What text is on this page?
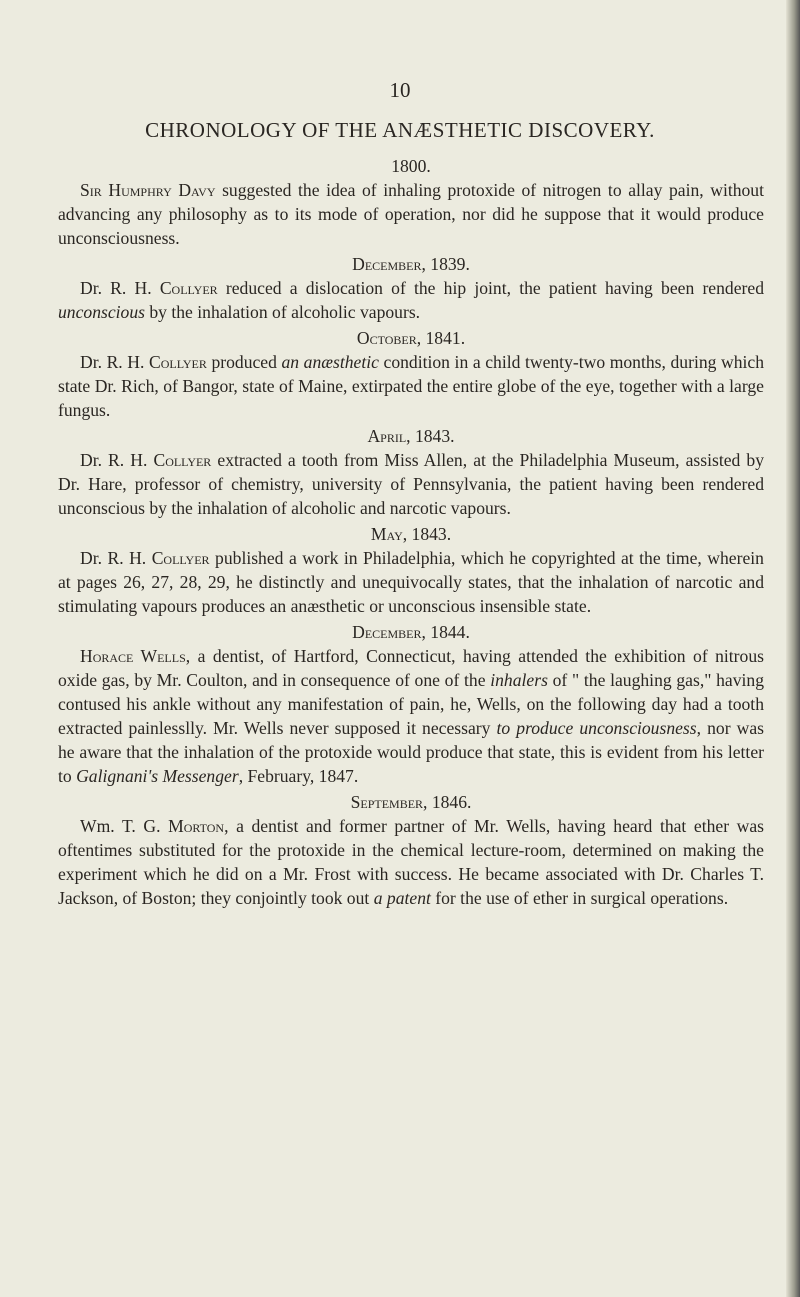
10
CHRONOLOGY OF THE ANÆSTHETIC DISCOVERY.
1800.

Sir Humphry Davy suggested the idea of inhaling protoxide of nitrogen to allay pain, without advancing any philosophy as to its mode of operation, nor did he suppose that it would produce unconsciousness.

December, 1839.

Dr. R. H. Collyer reduced a dislocation of the hip joint, the patient having been rendered unconscious by the inhalation of alcoholic vapours.

October, 1841.

Dr. R. H. Collyer produced an anæsthetic condition in a child twenty-two months, during which state Dr. Rich, of Bangor, state of Maine, extirpated the entire globe of the eye, together with a large fungus.

April, 1843.

Dr. R. H. Collyer extracted a tooth from Miss Allen, at the Philadelphia Museum, assisted by Dr. Hare, professor of chemistry, university of Pennsylvania, the patient having been rendered unconscious by the inhalation of alcoholic and narcotic vapours.

May, 1843.

Dr. R. H. Collyer published a work in Philadelphia, which he copyrighted at the time, wherein at pages 26, 27, 28, 29, he distinctly and unequivocally states, that the inhalation of narcotic and stimulating vapours produces an anæsthetic or unconscious insensible state.

December, 1844.

Horace Wells, a dentist, of Hartford, Connecticut, having attended the exhibition of nitrous oxide gas, by Mr. Coulton, and in consequence of one of the inhalers of " the laughing gas," having contused his ankle without any manifestation of pain, he, Wells, on the following day had a tooth extracted painlesslly. Mr. Wells never supposed it necessary to produce unconsciousness, nor was he aware that the inhalation of the protoxide would produce that state, this is evident from his letter to Galignani's Messenger, February, 1847.

September, 1846.

Wm. T. G. Morton, a dentist and former partner of Mr. Wells, having heard that ether was oftentimes substituted for the protoxide in the chemical lecture-room, determined on making the experiment which he did on a Mr. Frost with success. He became associated with Dr. Charles T. Jackson, of Boston; they conjointly took out a patent for the use of ether in surgical operations.
